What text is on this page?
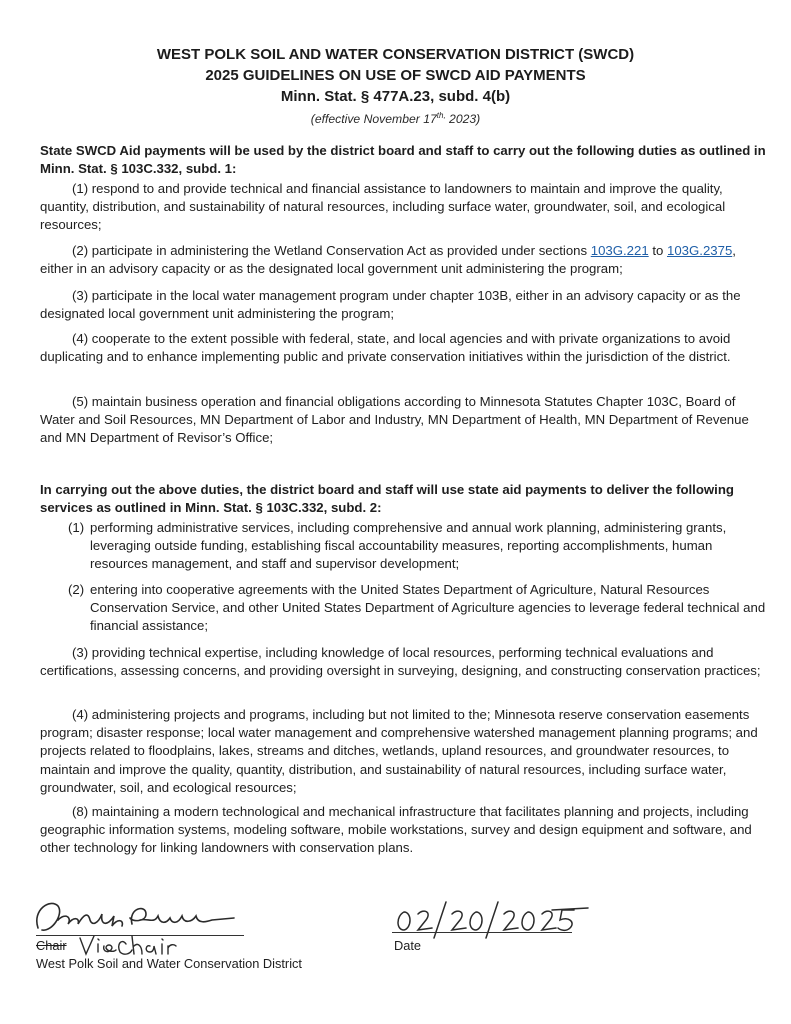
WEST POLK SOIL AND WATER CONSERVATION DISTRICT (SWCD)
2025 GUIDELINES ON USE OF SWCD AID PAYMENTS
Minn. Stat. § 477A.23, subd. 4(b)
(effective November $17^{th,}$ 2023)
State SWCD Aid payments will be used by the district board and staff to carry out the following duties as outlined in Minn. Stat. § 103C.332, subd. 1:
(1) respond to and provide technical and financial assistance to landowners to maintain and improve the quality, quantity, distribution, and sustainability of natural resources, including surface water, groundwater, soil, and ecological resources;
(2) participate in administering the Wetland Conservation Act as provided under sections 103G.221 to 103G.2375, either in an advisory capacity or as the designated local government unit administering the program;
(3) participate in the local water management program under chapter 103B, either in an advisory capacity or as the designated local government unit administering the program;
(4) cooperate to the extent possible with federal, state, and local agencies and with private organizations to avoid duplicating and to enhance implementing public and private conservation initiatives within the jurisdiction of the district.
(5) maintain business operation and financial obligations according to Minnesota Statutes Chapter 103C, Board of Water and Soil Resources, MN Department of Labor and Industry, MN Department of Health, MN Department of Revenue and MN Department of Revisor’s Office;
In carrying out the above duties, the district board and staff will use state aid payments to deliver the following services as outlined in Minn. Stat. § 103C.332, subd. 2:
(1) performing administrative services, including comprehensive and annual work planning, administering grants, leveraging outside funding, establishing fiscal accountability measures, reporting accomplishments, human resources management, and staff and supervisor development;
(2) entering into cooperative agreements with the United States Department of Agriculture, Natural Resources Conservation Service, and other United States Department of Agriculture agencies to leverage federal technical and financial assistance;
(3) providing technical expertise, including knowledge of local resources, performing technical evaluations and certifications, assessing concerns, and providing oversight in surveying, designing, and constructing conservation practices;
(4) administering projects and programs, including but not limited to the; Minnesota reserve conservation easements program; disaster response; local water management and comprehensive watershed management planning programs; and projects related to floodplains, lakes, streams and ditches, wetlands, upland resources, and groundwater resources, to maintain and improve the quality, quantity, distribution, and sustainability of natural resources, including surface water, groundwater, soil, and ecological resources;
(8) maintaining a modern technological and mechanical infrastructure that facilitates planning and projects, including geographic information systems, modeling software, mobile workstations, survey and design equipment and software, and other technology for linking landowners with conservation plans.
Chair
West Polk Soil and Water Conservation District
Date
